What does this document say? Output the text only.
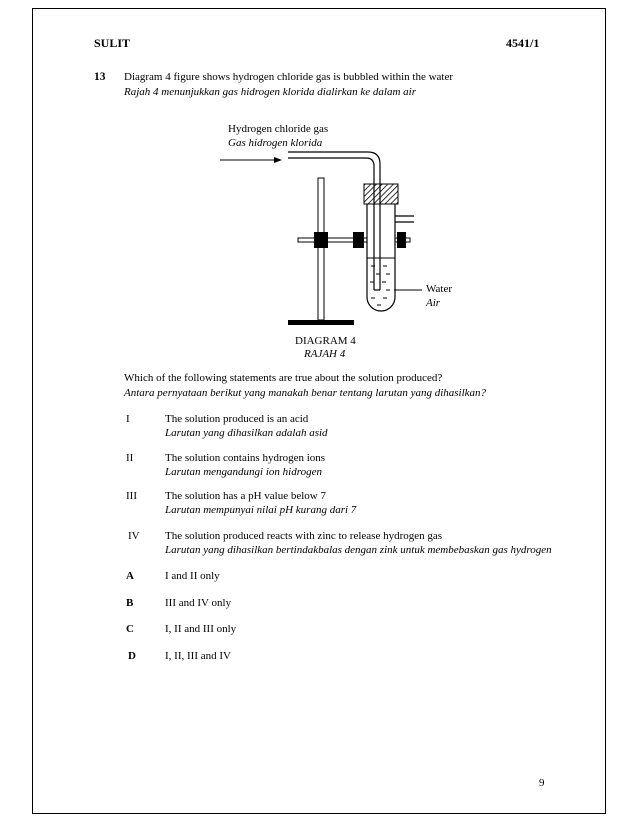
SULIT	4541/1
13 Diagram 4 figure shows hydrogen chloride gas is bubbled within the water
Rajah 4 menunjukkan gas hidrogen klorida dialirkan ke dalam air
Hydrogen chloride gas
Gas hidrogen klorida
Water
Air
DIAGRAM 4
RAJAH 4
Which of the following statements are true about the solution produced?
Antara pernyataan berikut yang manakah benar tentang larutan yang dihasilkan?
I	The solution produced is an acid
Larutan yang dihasilkan adalah asid
II	The solution contains hydrogen ions
Larutan mengandungi ion hidrogen
III	The solution has a pH value below 7
Larutan mempunyai nilai pH kurang dari 7
IV The solution produced reacts with zinc to release hydrogen gas
Larutan yang dihasilkan bertindakbalas dengan zink untuk membebaskan gas hydrogen
A	I and II only
B	III and IV only
C	I, II and III only
D	I, II, III and IV
9
